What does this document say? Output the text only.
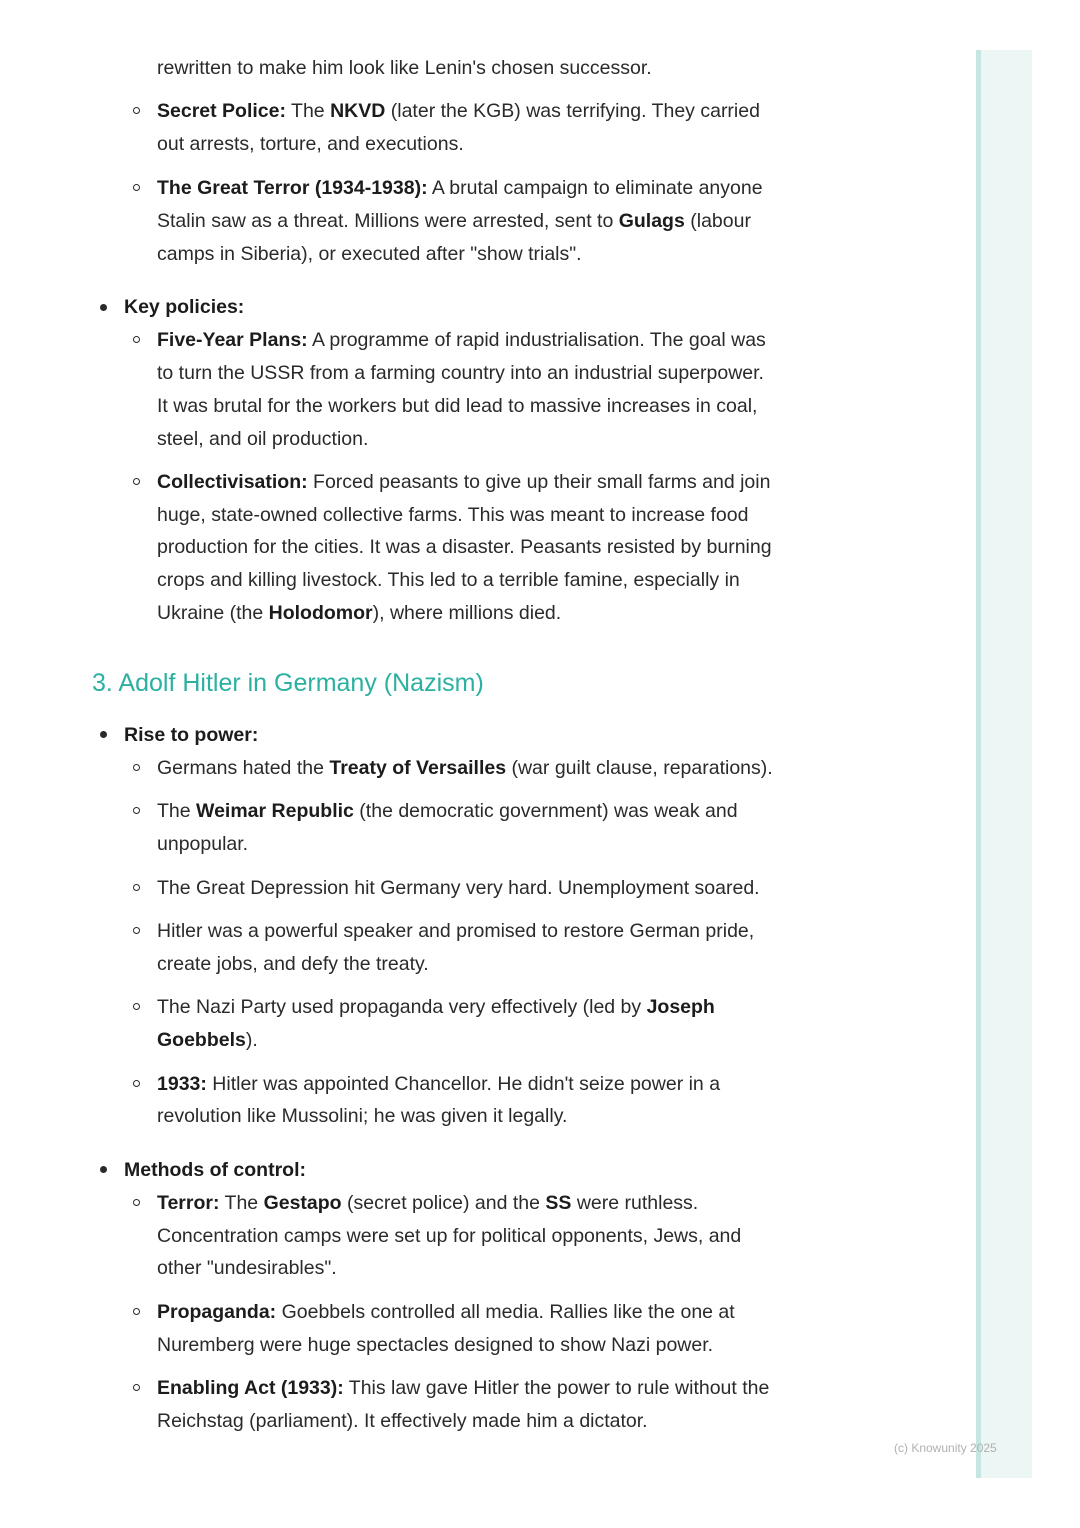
rewritten to make him look like Lenin's chosen successor.
Secret Police: The NKVD (later the KGB) was terrifying. They carried
out arrests, torture, and executions.
The Great Terror (1934-1938): A brutal campaign to eliminate anyone
Stalin saw as a threat. Millions were arrested, sent to Gulags (labour
camps in Siberia), or executed after "show trials".
Key policies:
Five-Year Plans: A programme of rapid industrialisation. The goal was
to turn the USSR from a farming country into an industrial superpower.
It was brutal for the workers but did lead to massive increases in coal,
steel, and oil production.
Collectivisation: Forced peasants to give up their small farms and join
huge, state-owned collective farms. This was meant to increase food
production for the cities. It was a disaster. Peasants resisted by burning
crops and killing livestock. This led to a terrible famine, especially in
Ukraine (the Holodomor), where millions died.
3. Adolf Hitler in Germany (Nazism)
Rise to power:
Germans hated the Treaty of Versailles (war guilt clause, reparations).
The Weimar Republic (the democratic government) was weak and
unpopular.
The Great Depression hit Germany very hard. Unemployment soared.
Hitler was a powerful speaker and promised to restore German pride,
create jobs, and defy the treaty.
The Nazi Party used propaganda very effectively (led by Joseph
Goebbels).
1933: Hitler was appointed Chancellor. He didn't seize power in a
revolution like Mussolini; he was given it legally.
Methods of control:
Terror: The Gestapo (secret police) and the SS were ruthless.
Concentration camps were set up for political opponents, Jews, and
other "undesirables".
Propaganda: Goebbels controlled all media. Rallies like the one at
Nuremberg were huge spectacles designed to show Nazi power.
Enabling Act (1933): This law gave Hitler the power to rule without the
Reichstag (parliament). It effectively made him a dictator.
(c) Knowunity 2025
